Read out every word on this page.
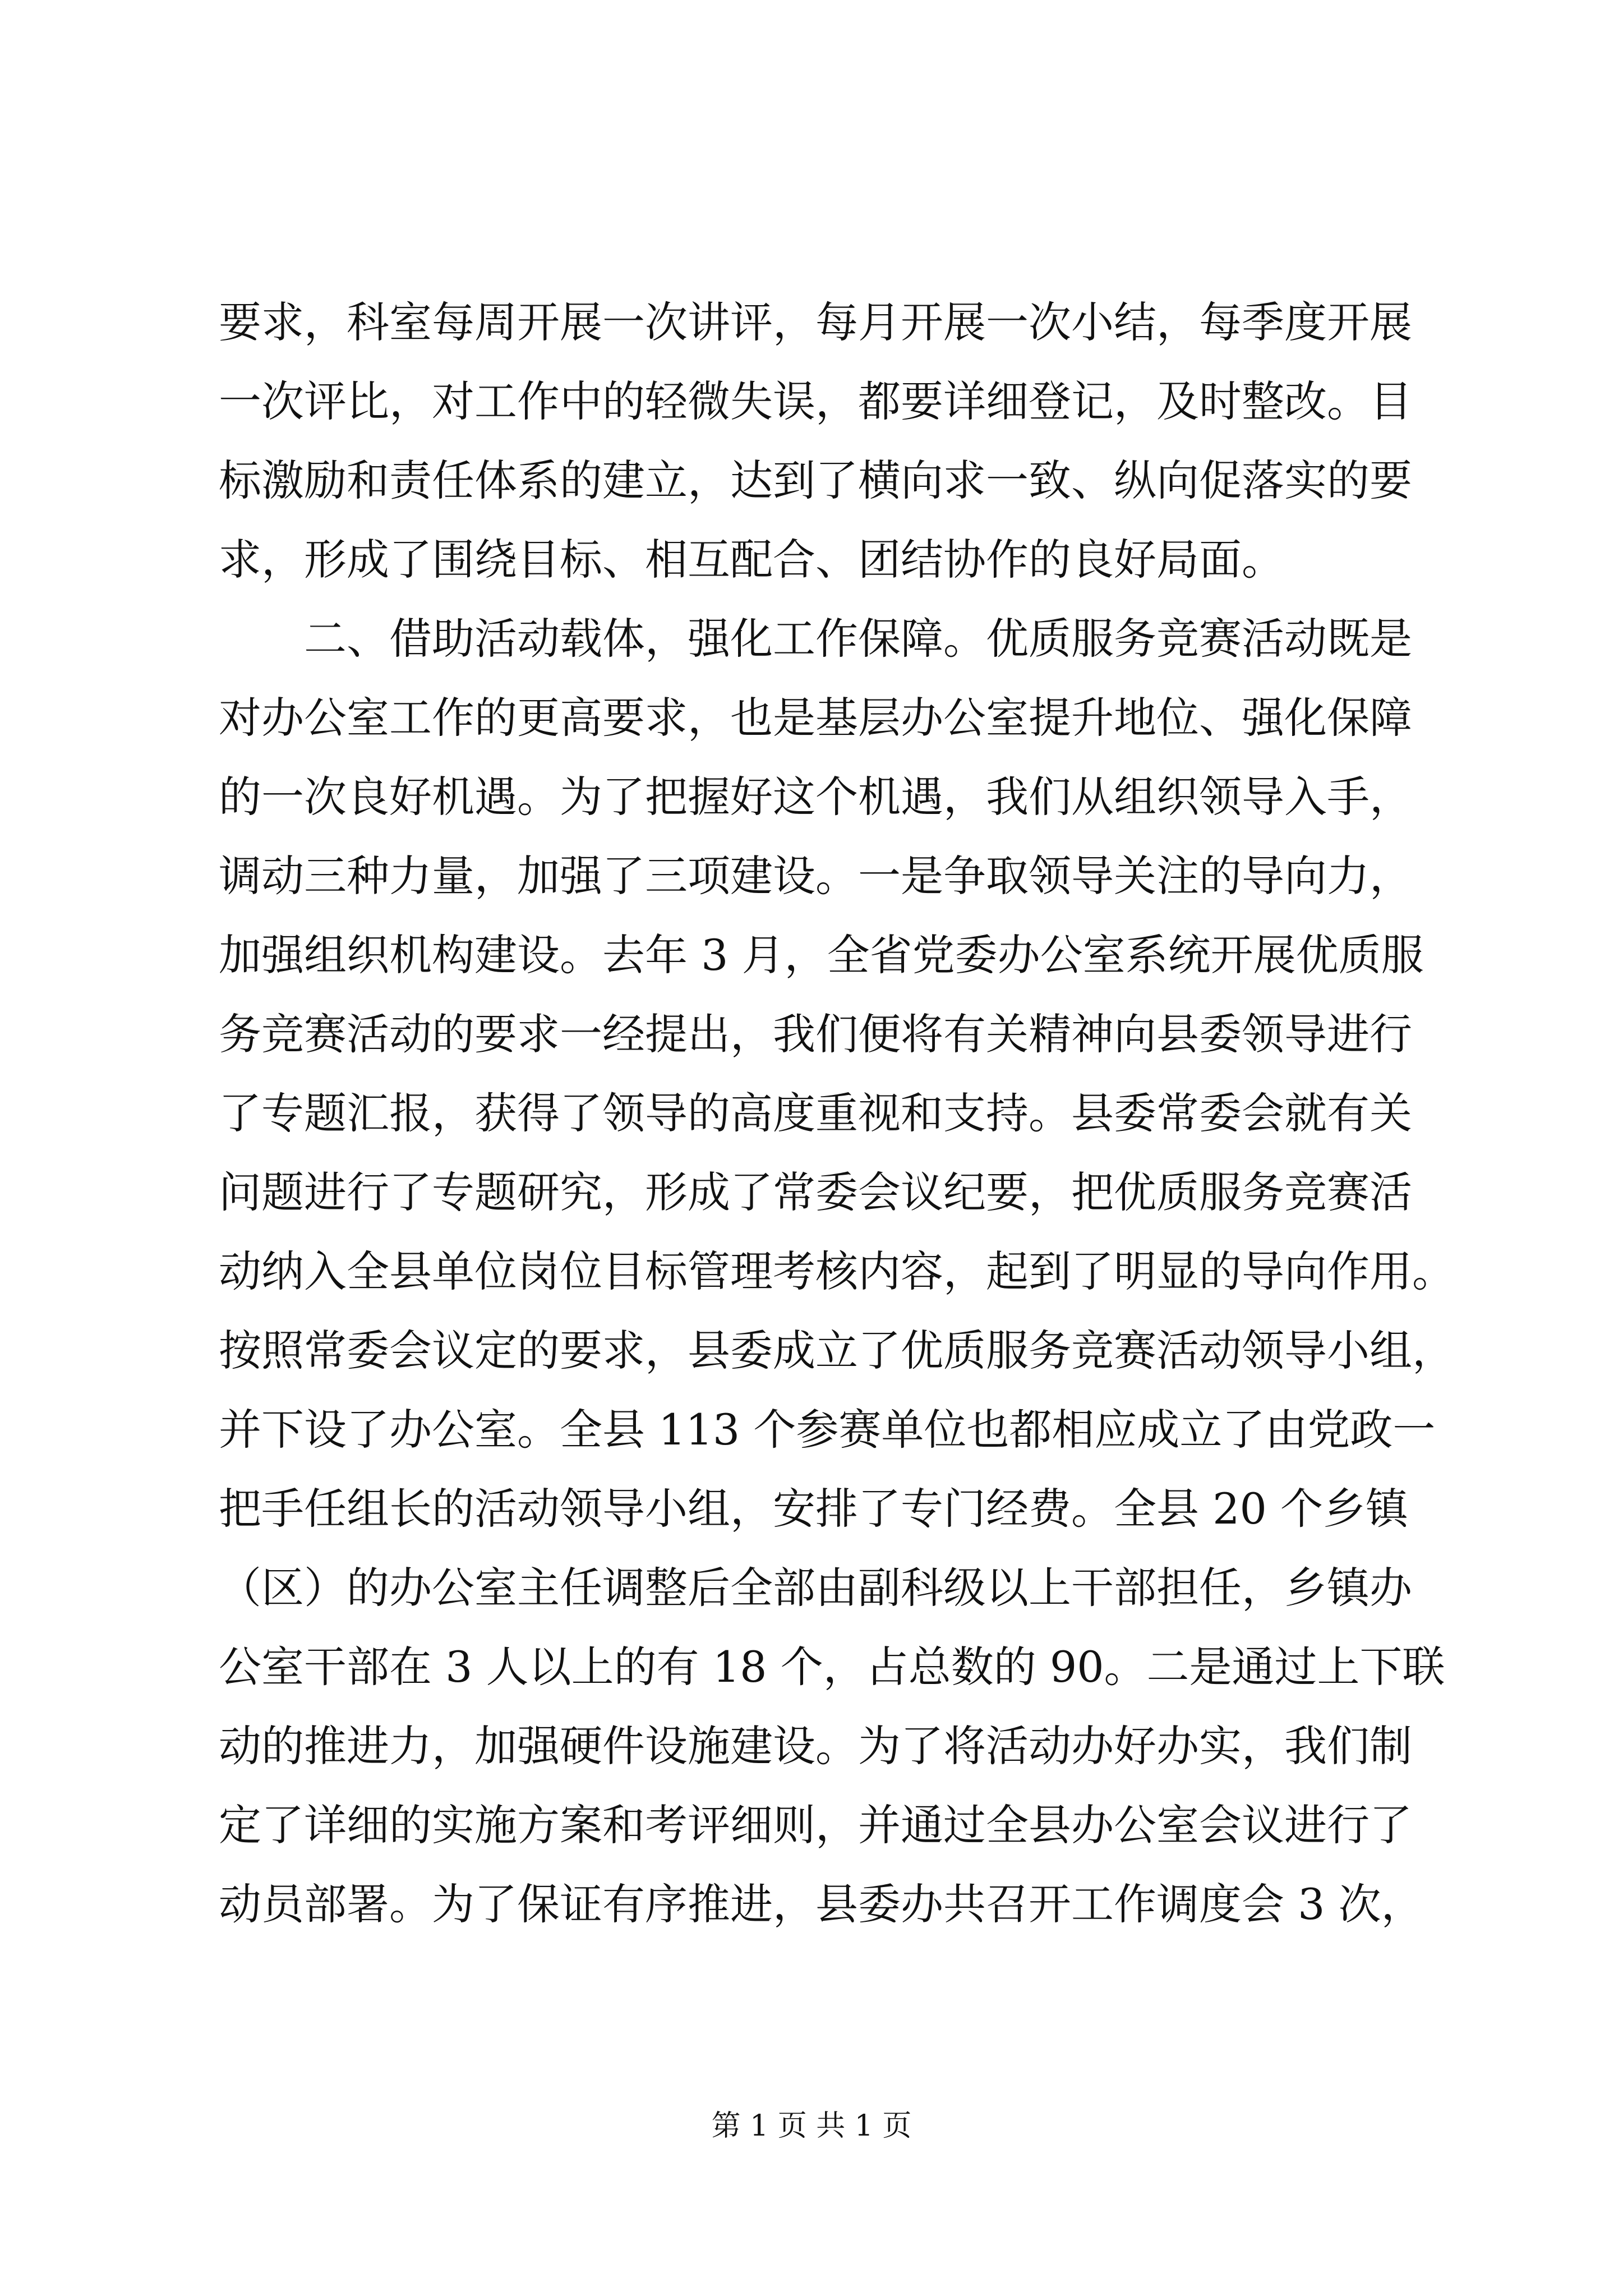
要求，科室每周开展一次讲评，每月开展一次小结，每季度开展
一次评比，对工作中的轻微失误，都要详细登记，及时整改。目
标激励和责任体系的建立，达到了横向求一致、纵向促落实的要
求，形成了围绕目标、相互配合、团结协作的良好局面。
二、借助活动载体，强化工作保障。优质服务竞赛活动既是
对办公室工作的更高要求，也是基层办公室提升地位、强化保障
的一次良好机遇。为了把握好这个机遇，我们从组织领导入手，
调动三种力量，加强了三项建设。一是争取领导关注的导向力，
加强组织机构建设。去年 3 月，全省党委办公室系统开展优质服
务竞赛活动的要求一经提出，我们便将有关精神向县委领导进行
了专题汇报，获得了领导的高度重视和支持。县委常委会就有关
问题进行了专题研究，形成了常委会议纪要，把优质服务竞赛活
动纳入全县单位岗位目标管理考核内容，起到了明显的导向作用。
按照常委会议定的要求，县委成立了优质服务竞赛活动领导小组，
并下设了办公室。全县 113 个参赛单位也都相应成立了由党政一
把手任组长的活动领导小组，安排了专门经费。全县 20 个乡镇
（区）的办公室主任调整后全部由副科级以上干部担任，乡镇办
公室干部在 3 人以上的有 18 个，占总数的 90。二是通过上下联
动的推进力，加强硬件设施建设。为了将活动办好办实，我们制
定了详细的实施方案和考评细则，并通过全县办公室会议进行了
动员部署。为了保证有序推进，县委办共召开工作调度会 3 次，
第 1 页 共 1 页
